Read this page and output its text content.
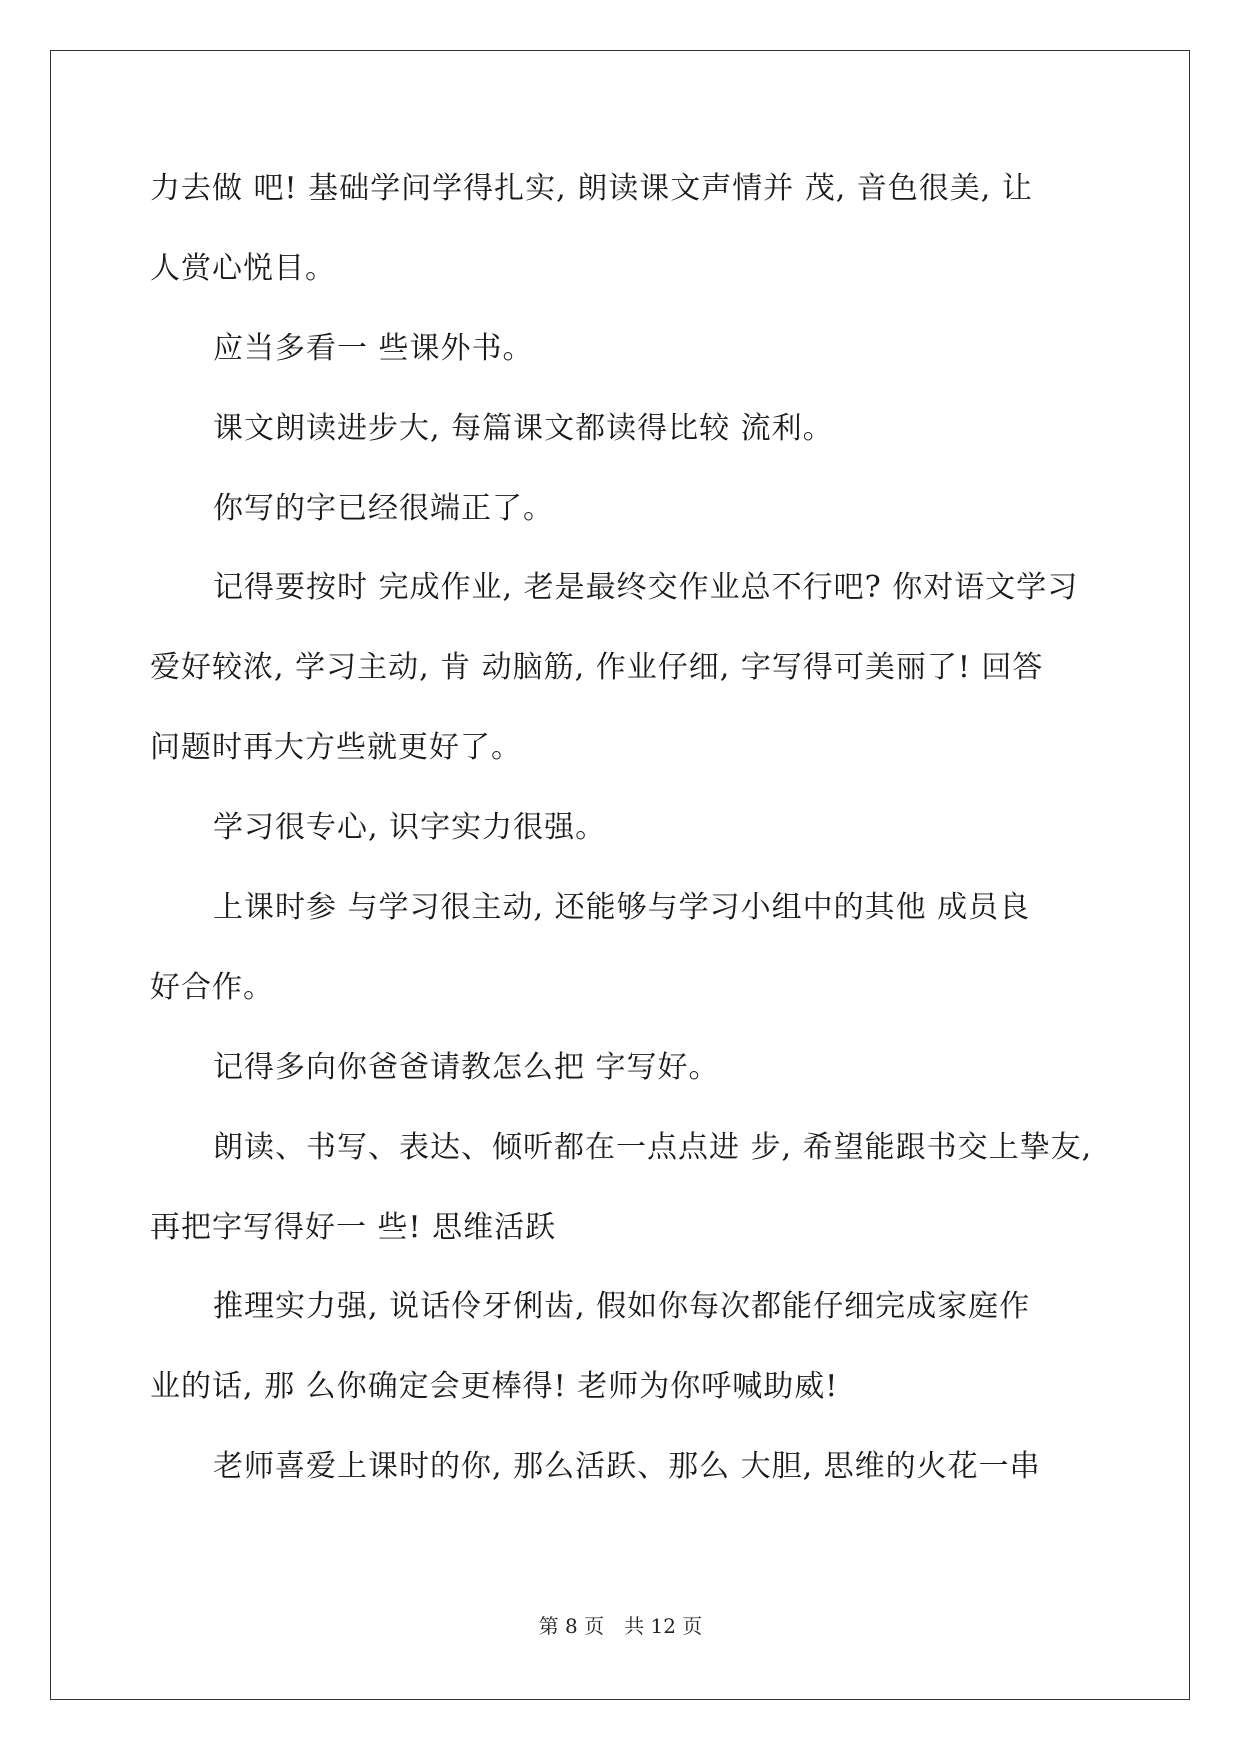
力去做 吧! 基础学问学得扎实, 朗读课文声情并 茂, 音色很美, 让
人赏心悦目。
应当多看一 些课外书。
课文朗读进步大, 每篇课文都读得比较 流利。
你写的字已经很端正了。
记得要按时 完成作业, 老是最终交作业总不行吧? 你对语文学习
爱好较浓, 学习主动, 肯 动脑筋, 作业仔细, 字写得可美丽了! 回答
问题时再大方些就更好了。
学习很专心, 识字实力很强。
上课时参 与学习很主动, 还能够与学习小组中的其他 成员良
好合作。
记得多向你爸爸请教怎么把 字写好。
朗读、书写、表达、倾听都在一点点进 步, 希望能跟书交上挚友,
再把字写得好一 些! 思维活跃
推理实力强, 说话伶牙俐齿, 假如你每次都能仔细完成家庭作
业的话, 那 么你确定会更棒得! 老师为你呼喊助威!
老师喜爱上课时的你, 那么活跃、那么 大胆, 思维的火花一串
第 8 页　共 12 页
